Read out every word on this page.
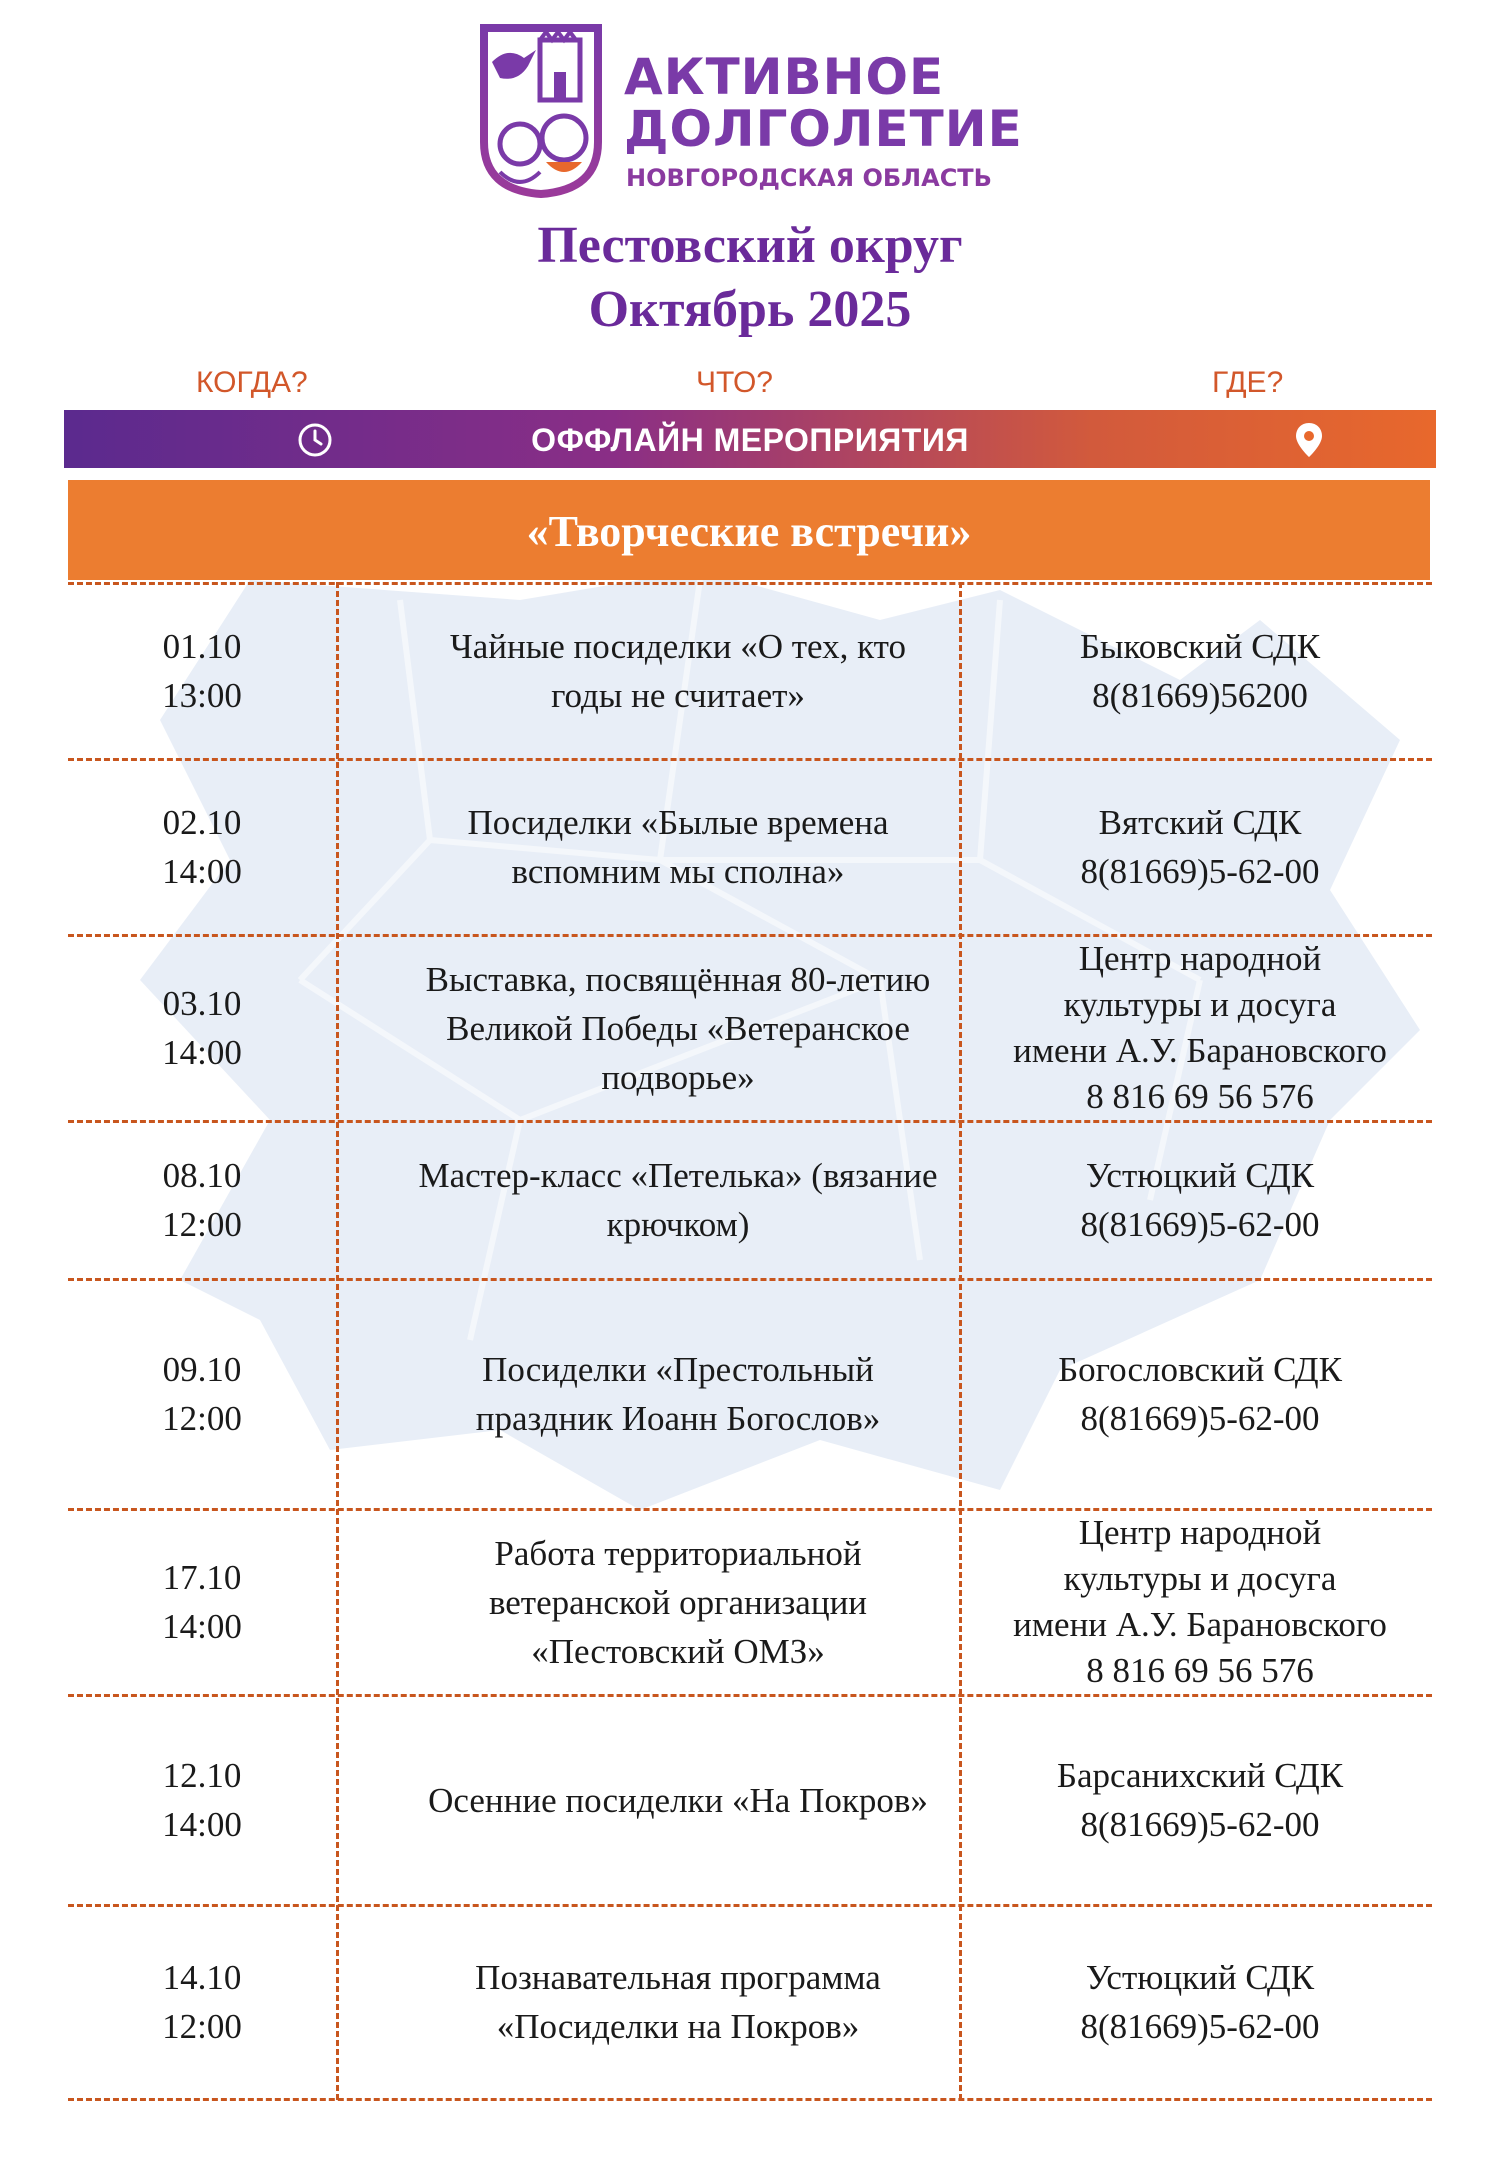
АКТИВНОЕ
ДОЛГОЛЕТИЕ
НОВГОРОДСКАЯ ОБЛАСТЬ
Пестовский округ
Октябрь 2025
КОГДА?	ЧТО?	ГДЕ?
ОФФЛАЙН МЕРОПРИЯТИЯ
«Творческие встречи»
01.10
13:00
Чайные посиделки «О тех, кто
годы не считает»
Быковский СДК
8(81669)56200
02.10
14:00
Посиделки «Былые времена
вспомним мы сполна»
Вятский СДК
8(81669)5-62-00
03.10
14:00
Выставка, посвящённая 80-летию
Великой Победы «Ветеранское
подворье»
Центр народной
культуры и досуга
имени А.У. Барановского
8 816 69 56 576
08.10
12:00
Мастер-класс «Петелька» (вязание
крючком)
Устюцкий СДК
8(81669)5-62-00
09.10
12:00
Посиделки «Престольный
праздник Иоанн Богослов»
Богословский СДК
8(81669)5-62-00
17.10
14:00
Работа территориальной
ветеранской организации
«Пестовский ОМЗ»
Центр народной
культуры и досуга
имени А.У. Барановского
8 816 69 56 576
12.10
14:00
Осенние посиделки «На Покров»
Барсанихский СДК
8(81669)5-62-00
14.10
12:00
Познавательная программа
«Посиделки на Покров»
Устюцкий СДК
8(81669)5-62-00
